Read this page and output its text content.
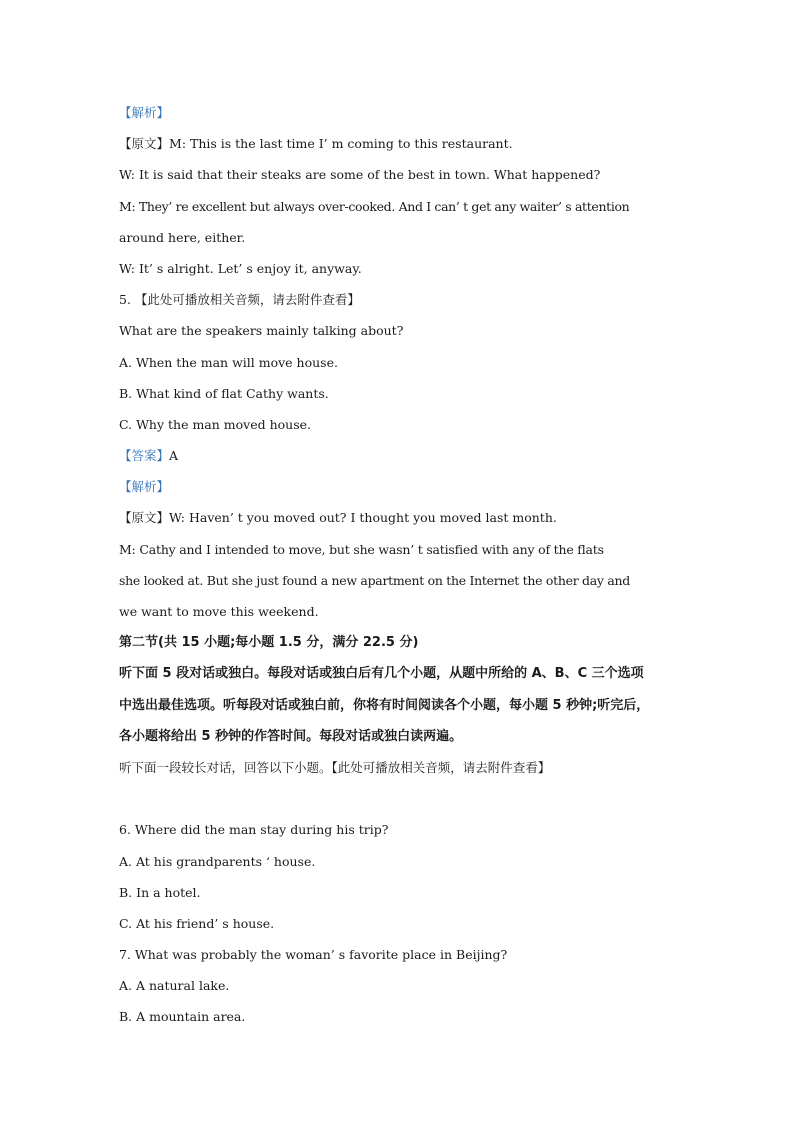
【解析】
【原文】M: This is the last time I’ m coming to this restaurant.
W: It is said that their steaks are some of the best in town. What happened?
M: They’ re excellent but always over-cooked. And I can’ t get any waiter’ s attention
around here, either.
W: It’ s alright. Let’ s enjoy it, anyway.
5. 【此处可播放相关音频，请去附件查看】
What are the speakers mainly talking about?
A. When the man will move house.
B. What kind of flat Cathy wants.
C. Why the man moved house.
【答案】A
【解析】
【原文】W: Haven’ t you moved out? I thought you moved last month.
M: Cathy and I intended to move, but she wasn’ t satisfied with any of the flats
she looked at. But she just found a new apartment on the Internet the other day and
we want to move this weekend.
第二节(共 15 小题;每小题 1.5 分，满分 22.5 分)
听下面 5 段对话或独白。每段对话或独白后有几个小题，从题中所给的 A、B、C 三个选项
中选出最佳选项。听每段对话或独白前，你将有时间阅读各个小题，每小题 5 秒钟;听完后，
各小题将给出 5 秒钟的作答时间。每段对话或独白读两遍。
听下面一段较长对话，回答以下小题。【此处可播放相关音频，请去附件查看】
6. Where did the man stay during his trip?
A. At his grandparents ‘ house.
B. In a hotel.
C. At his friend’ s house.
7. What was probably the woman’ s favorite place in Beijing?
A. A natural lake.
B. A mountain area.
